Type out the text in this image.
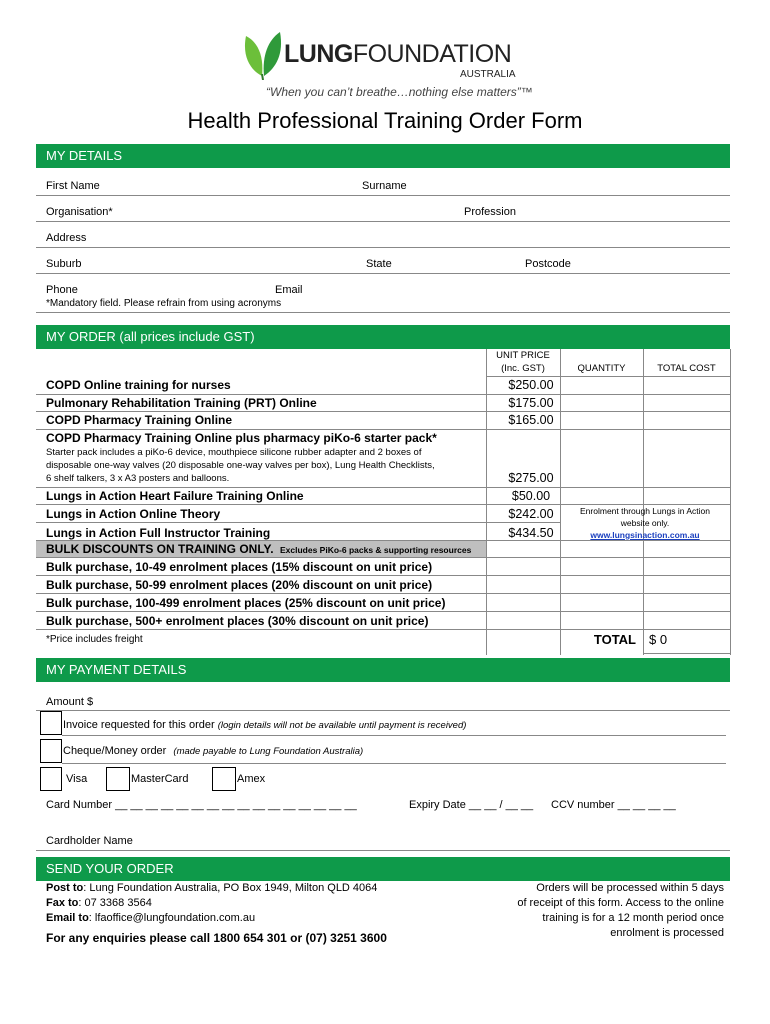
LUNGFOUNDATION
AUSTRALIA
“When you can’t breathe…nothing else matters”™
Health Professional Training Order Form
MY DETAILS
First Name	Surname
Organisation*	Profession
Address
Suburb	State	Postcode
Phone	Email
*Mandatory field. Please refrain from using acronyms
MY ORDER (all prices include GST)
UNIT PRICE
(Inc. GST)	QUANTITY	TOTAL COST
COPD Online training for nurses	$250.00
Pulmonary Rehabilitation Training (PRT) Online	$175.00
COPD Pharmacy Training Online	$165.00
COPD Pharmacy Training Online plus pharmacy piKo-6 starter pack*
Starter pack includes a piKo-6 device, mouthpiece silicone rubber adapter and 2 boxes of
disposable one-way valves (20 disposable one-way valves per box), Lung Health Checklists,
6 shelf talkers, 3 x A3 posters and balloons.	$275.00
Lungs in Action Heart Failure Training Online	$50.00
Lungs in Action Online Theory	$242.00
Lungs in Action Full Instructor Training	$434.50
Enrolment through Lungs in Action
website only.
www.lungsinaction.com.au
BULK DISCOUNTS ON TRAINING ONLY. Excludes PiKo-6 packs & supporting resources
Bulk purchase, 10-49 enrolment places (15% discount on unit price)
Bulk purchase, 50-99 enrolment places (20% discount on unit price)
Bulk purchase, 100-499 enrolment places (25% discount on unit price)
Bulk purchase, 500+ enrolment places (30% discount on unit price)
*Price includes freight	TOTAL $ 0
MY PAYMENT DETAILS
Amount $
Invoice requested for this order (login details will not be available until payment is received)
Cheque/Money order (made payable to Lung Foundation Australia)
Visa	MasterCard	Amex
Card Number __ __ __ __ __ __ __ __ __ __ __ __ __ __ __ __	Expiry Date __ __ / __ __ CCV number __ __ __ __
Cardholder Name
SEND YOUR ORDER
Post to: Lung Foundation Australia, PO Box 1949, Milton QLD 4064
Fax to: 07 3368 3564
Email to: lfaoffice@lungfoundation.com.au
For any enquiries please call 1800 654 301 or (07) 3251 3600
Orders will be processed within 5 days
of receipt of this form. Access to the online
training is for a 12 month period once
enrolment is processed
